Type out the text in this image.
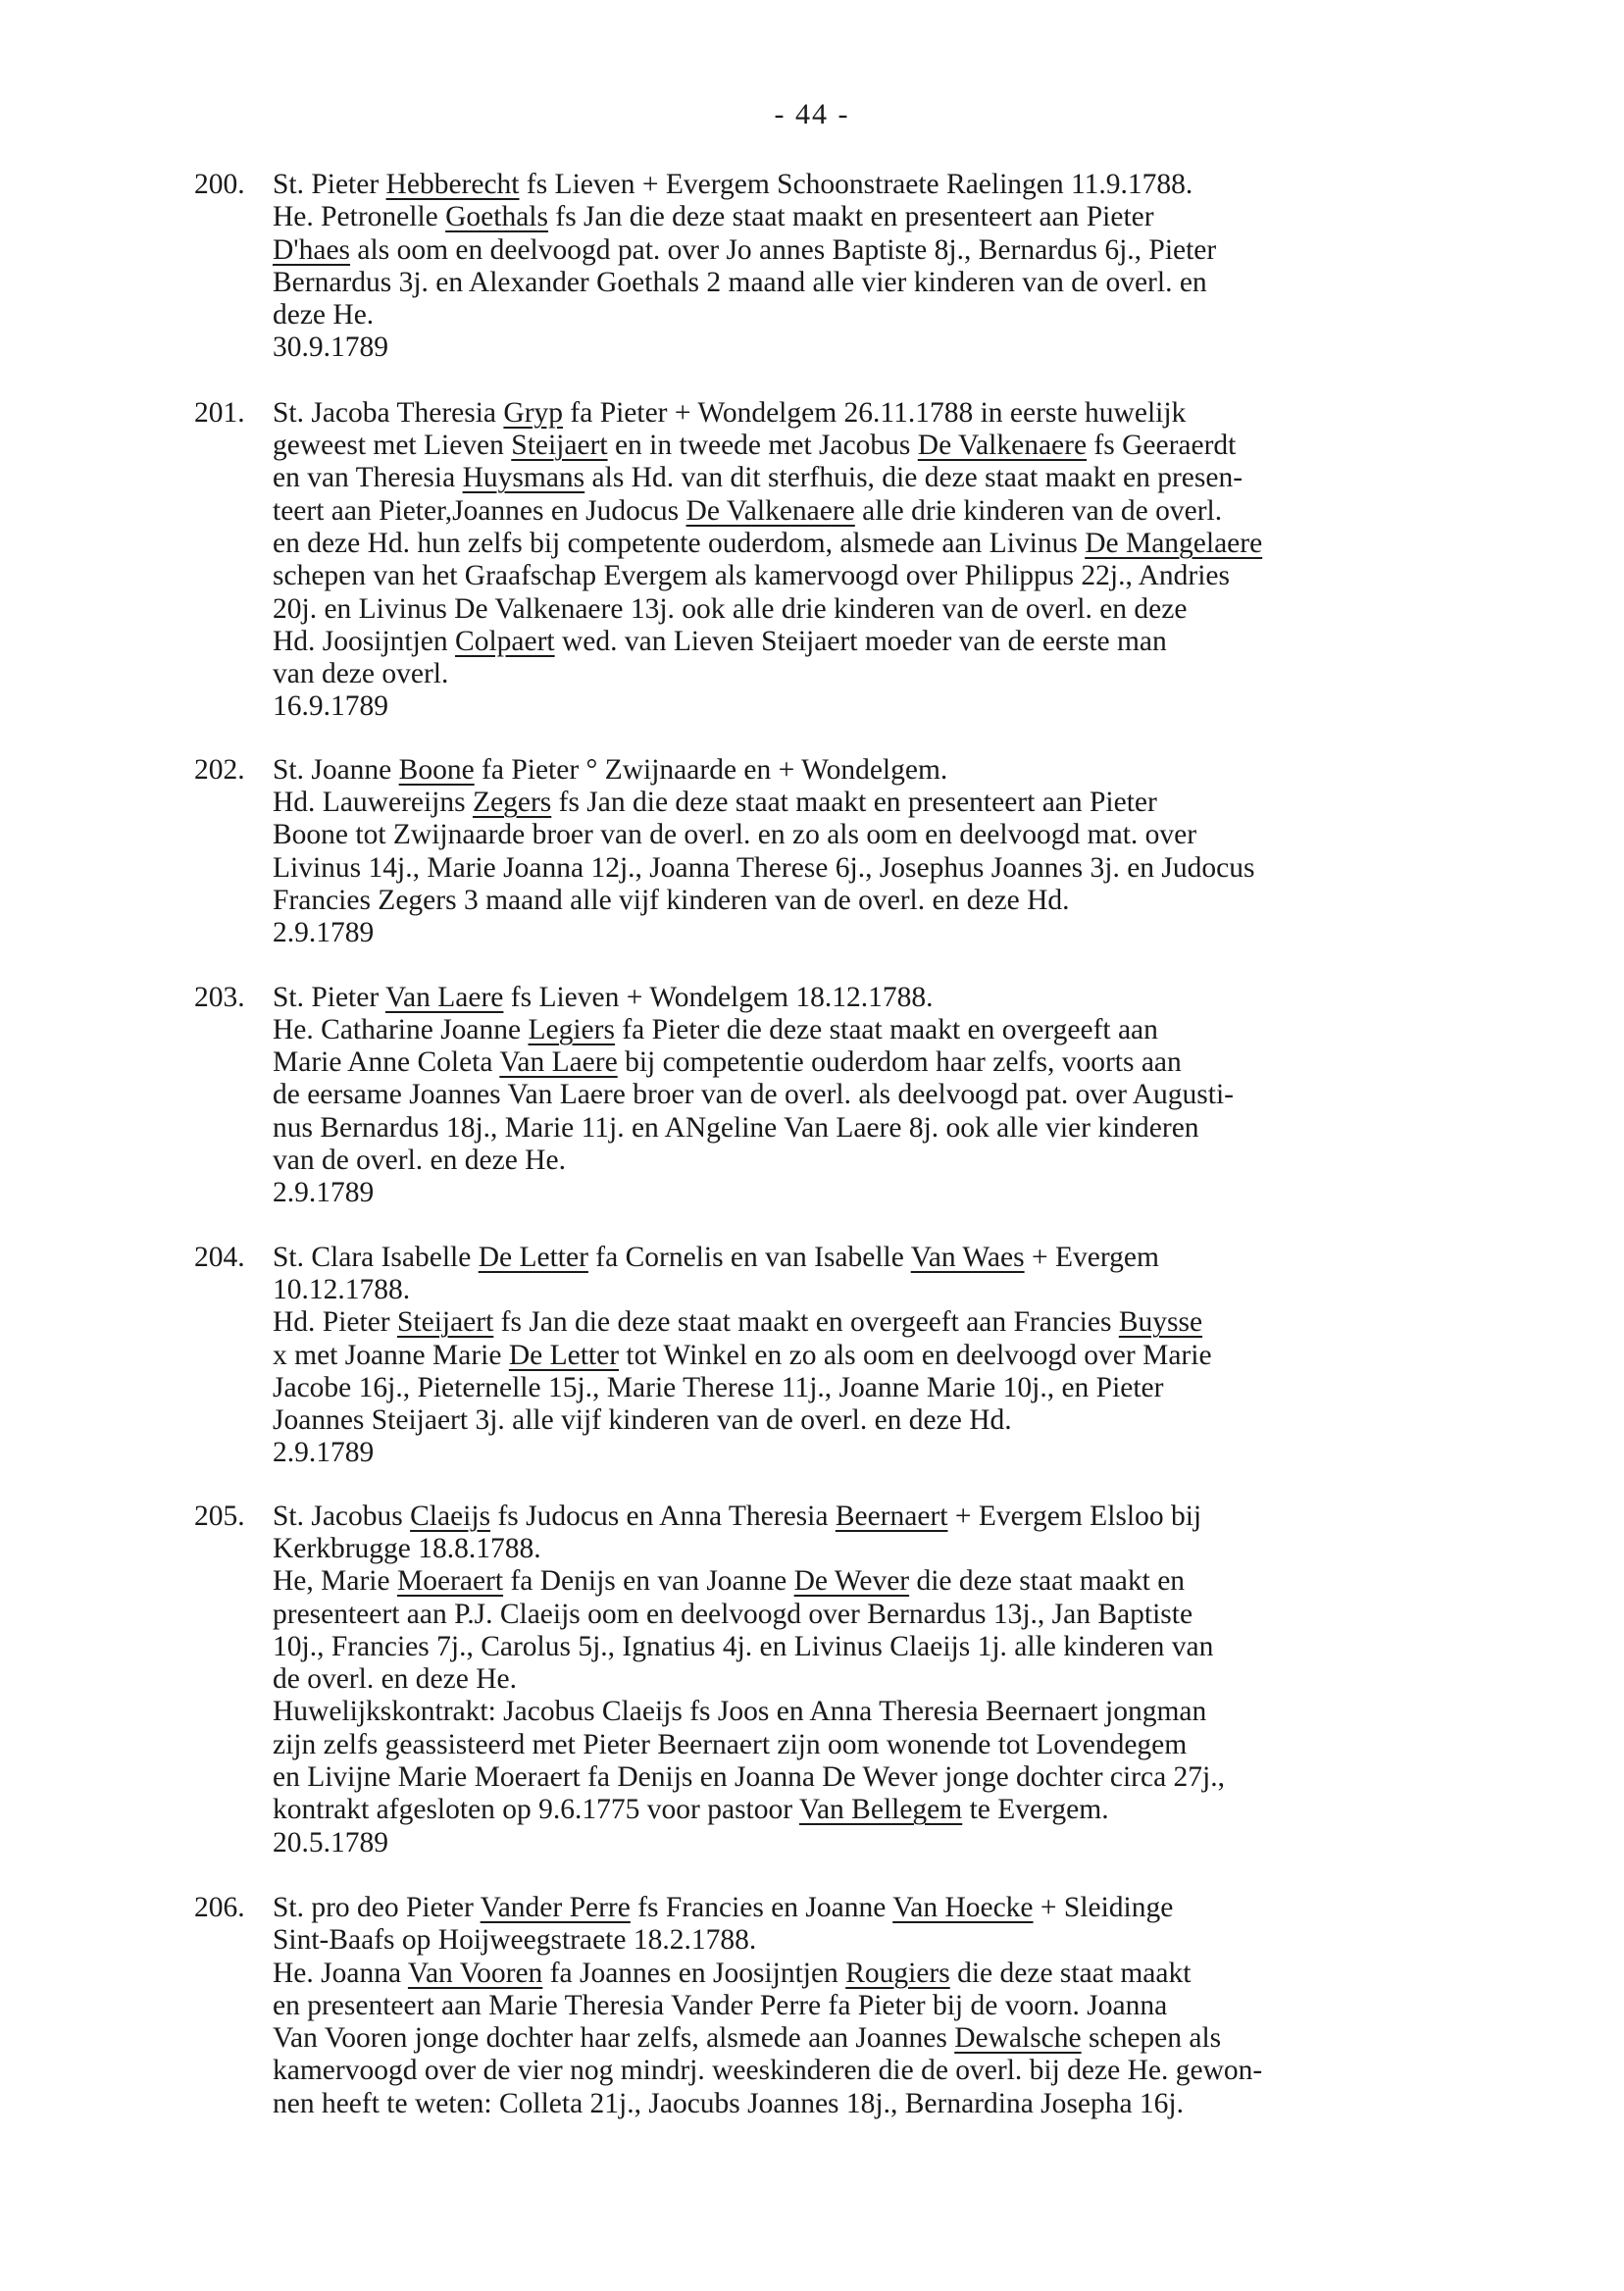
- 44 -
200. St. Pieter Hebberecht fs Lieven + Evergem Schoonstraete Raelingen 11.9.1788.
He. Petronelle Goethals fs Jan die deze staat maakt en presenteert aan Pieter
D'haes als oom en deelvoogd pat. over Jo annes Baptiste 8j., Bernardus 6j., Pieter
Bernardus 3j. en Alexander Goethals 2 maand alle vier kinderen van de overl. en
deze He.
30.9.1789
201. St. Jacoba Theresia Gryp fa Pieter + Wondelgem 26.11.1788 in eerste huwelijk
geweest met Lieven Steijaert en in tweede met Jacobus De Valkenaere fs Geeraerdt
en van Theresia Huysmans als Hd. van dit sterfhuis, die deze staat maakt en presen-
teert aan Pieter,Joannes en Judocus De Valkenaere alle drie kinderen van de overl.
en deze Hd. hun zelfs bij competente ouderdom, alsmede aan Livinus De Mangelaere
schepen van het Graafschap Evergem als kamervoogd over Philippus 22j., Andries
20j. en Livinus De Valkenaere 13j. ook alle drie kinderen van de overl. en deze
Hd. Joosijntjen Colpaert wed. van Lieven Steijaert moeder van de eerste man
van deze overl.
16.9.1789
202. St. Joanne Boone fa Pieter ° Zwijnaarde en + Wondelgem.
Hd. Lauwereijns Zegers fs Jan die deze staat maakt en presenteert aan Pieter
Boone tot Zwijnaarde broer van de overl. en zo als oom en deelvoogd mat. over
Livinus 14j., Marie Joanna 12j., Joanna Therese 6j., Josephus Joannes 3j. en Judocus
Francies Zegers 3 maand alle vijf kinderen van de overl. en deze Hd.
2.9.1789
203. St. Pieter Van Laere fs Lieven + Wondelgem 18.12.1788.
He. Catharine Joanne Legiers fa Pieter die deze staat maakt en overgeeft aan
Marie Anne Coleta Van Laere bij competentie ouderdom haar zelfs, voorts aan
de eersame Joannes Van Laere broer van de overl. als deelvoogd pat. over Augusti-
nus Bernardus 18j., Marie 11j. en ANgeline Van Laere 8j. ook alle vier kinderen
van de overl. en deze He.
2.9.1789
204. St. Clara Isabelle De Letter fa Cornelis en van Isabelle Van Waes + Evergem
10.12.1788.
Hd. Pieter Steijaert fs Jan die deze staat maakt en overgeeft aan Francies Buysse
x met Joanne Marie De Letter tot Winkel en zo als oom en deelvoogd over Marie
Jacobe 16j., Pieternelle 15j., Marie Therese 11j., Joanne Marie 10j., en Pieter
Joannes Steijaert 3j. alle vijf kinderen van de overl. en deze Hd.
2.9.1789
205. St. Jacobus Claeijs fs Judocus en Anna Theresia Beernaert + Evergem Elsloo bij
Kerkbrugge 18.8.1788.
He, Marie Moeraert fa Denijs en van Joanne De Wever die deze staat maakt en
presenteert aan P.J. Claeijs oom en deelvoogd over Bernardus 13j., Jan Baptiste
10j., Francies 7j., Carolus 5j., Ignatius 4j. en Livinus Claeijs 1j. alle kinderen van
de overl. en deze He.
Huwelijkskontrakt: Jacobus Claeijs fs Joos en Anna Theresia Beernaert jongman
zijn zelfs geassisteerd met Pieter Beernaert zijn oom wonende tot Lovendegem
en Livijne Marie Moeraert fa Denijs en Joanna De Wever jonge dochter circa 27j.,
kontrakt afgesloten op 9.6.1775 voor pastoor Van Bellegem te Evergem.
20.5.1789
206. St. pro deo Pieter Vander Perre fs Francies en Joanne Van Hoecke + Sleidinge
Sint-Baafs op Hoijweegstraete 18.2.1788.
He. Joanna Van Vooren fa Joannes en Joosijntjen Rougiers die deze staat maakt
en presenteert aan Marie Theresia Vander Perre fa Pieter bij de voorn. Joanna
Van Vooren jonge dochter haar zelfs, alsmede aan Joannes Dewalsche schepen als
kamervoogd over de vier nog mindrj. weeskinderen die de overl. bij deze He. gewon-
nen heeft te weten: Colleta 21j., Jaocubs Joannes 18j., Bernardina Josepha 16j.
